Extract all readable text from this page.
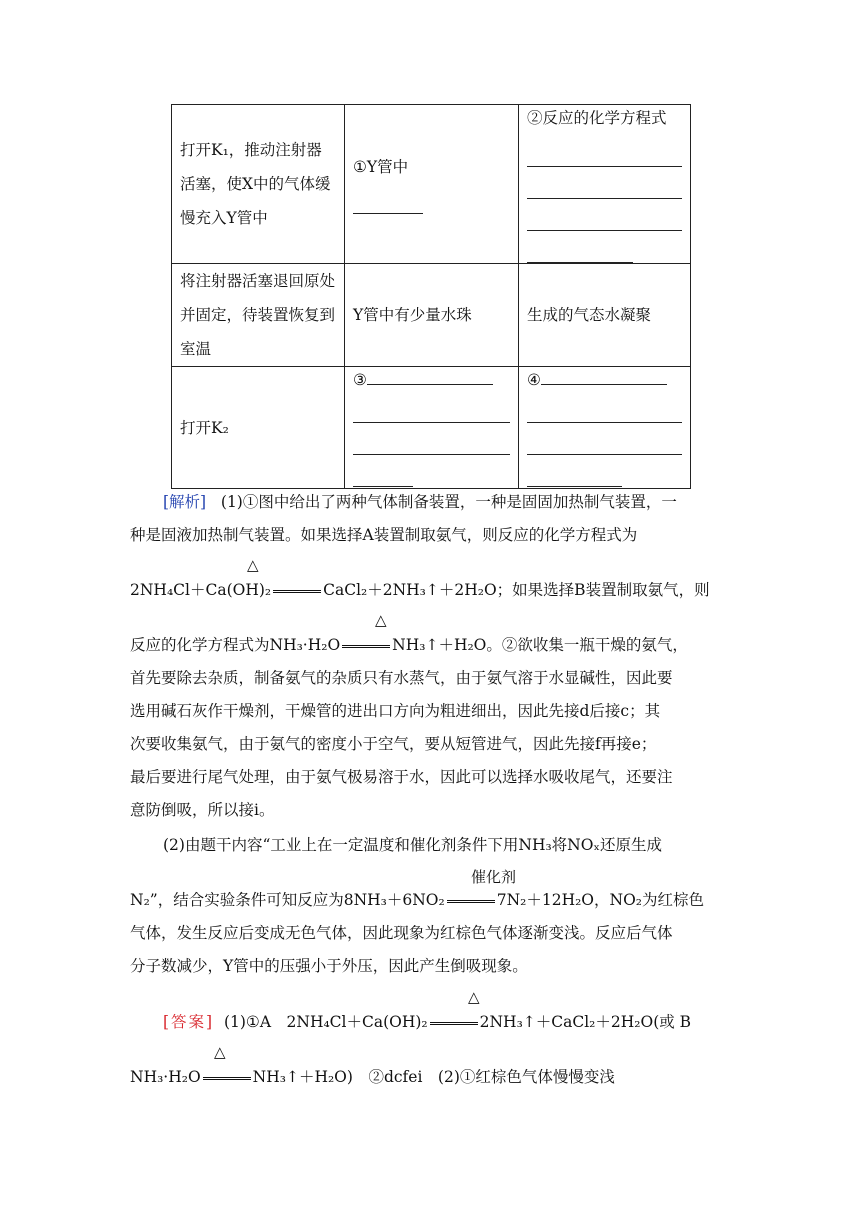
打开K₁，推动注射器活塞，使X中的气体缓慢充入Y管中	①Y管中	②反应的化学方程式

将注射器活塞退回原处并固定，待装置恢复到室温	Y管中有少量水珠	生成的气态水凝聚
打开K₂	③	④
[解析] (1)①图中给出了两种气体制备装置，一种是固固加热制气装置，一
种是固液加热制气装置。如果选择A装置制取氨气，则反应的化学方程式为
△
2NH₄Cl＋Ca(OH)₂	CaCl₂＋2NH₃↑＋2H₂O；如果选择B装置制取氨气，则
△
反应的化学方程式为NH₃·H₂O	NH₃↑＋H₂O。②欲收集一瓶干燥的氨气，
首先要除去杂质，制备氨气的杂质只有水蒸气，由于氨气溶于水显碱性，因此要
选用碱石灰作干燥剂，干燥管的进出口方向为粗进细出，因此先接d后接c；其
次要收集氨气，由于氨气的密度小于空气，要从短管进气，因此先接f再接e；
最后要进行尾气处理，由于氨气极易溶于水，因此可以选择水吸收尾气，还要注
意防倒吸，所以接i。
(2)由题干内容“工业上在一定温度和催化剂条件下用NH₃将NOₓ还原生成
催化剂
N₂”，结合实验条件可知反应为8NH₃＋6NO₂	7N₂＋12H₂O，NO₂为红棕色
气体，发生反应后变成无色气体，因此现象为红棕色气体逐渐变浅。反应后气体
分子数减少，Y管中的压强小于外压，因此产生倒吸现象。
△
[答案] (1)①A　2NH₄Cl＋Ca(OH)₂	2NH₃↑＋CaCl₂＋2H₂O(或 B
△
NH₃·H₂O	NH₃↑＋H₂O)　②dcfei　(2)①红棕色气体慢慢变浅
